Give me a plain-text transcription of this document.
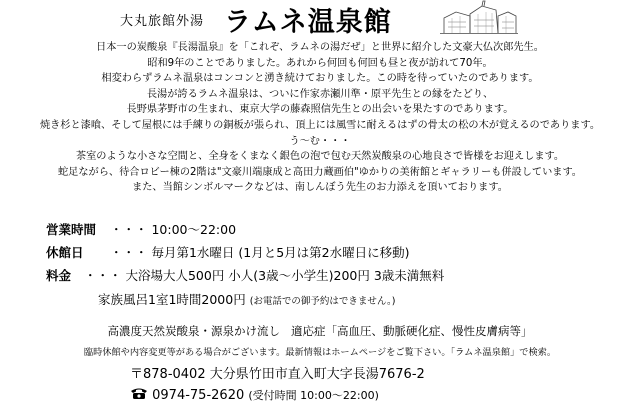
大丸旅館外湯 ラムネ温泉館

日本一の炭酸泉『長湯温泉』を「これぞ、ラムネの湯だぜ」と世界に紹介した文豪大仏次郎先生。

昭和9年のことでありました。あれから何回も何回も昼と夜が訪れて70年。

相変わらずラムネ温泉はコンコンと湧き続けておりました。この時を待っていたのであります。

長湯が誇るラムネ温泉は、ついに作家赤瀬川準・原平先生との縁をたどり、

長野県茅野市の生まれ、東京大学の藤森照信先生との出会いを果たすのであります。

焼き杉と漆喰、そして屋根には手練りの銅板が張られ、頂上には風雪に耐えるはずの骨太の松の木が覚えるのであります。

う〜む・・・

茶室のような小さな空間と、全身をくまなく銀色の泡で包む天然炭酸泉の心地良さで皆様をお迎えします。

蛇足ながら、待合ロビー棟の2階は"文豪川端康成と高田力蔵画伯"ゆかりの美術館とギャラリーも併設しています。

また、当館シンボルマークなどは、南しんぼう先生のお力添えを頂いております。

営業時間 ・・・ 10:00〜22:00
休館日 ・・・ 毎月第1水曜日 (1月と5月は第2水曜日に移動)
料金 ・・・ 大浴場大人500円 小人(3歳〜小学生)200円 3歳未満無料
家族風呂1室1時間2000円 (お電話での御予約はできません。)
高濃度天然炭酸泉・源泉かけ流し 適応症「高血圧、動脈硬化症、慢性皮膚病等」
臨時休館や内容変更等がある場合がございます。最新情報はホームページをご覧下さい。「ラムネ温泉館」で検索。
〒878-0402 大分県竹田市直入町大字長湯7676-2
0974-75-2620 (受付時間 10:00〜22:00)
